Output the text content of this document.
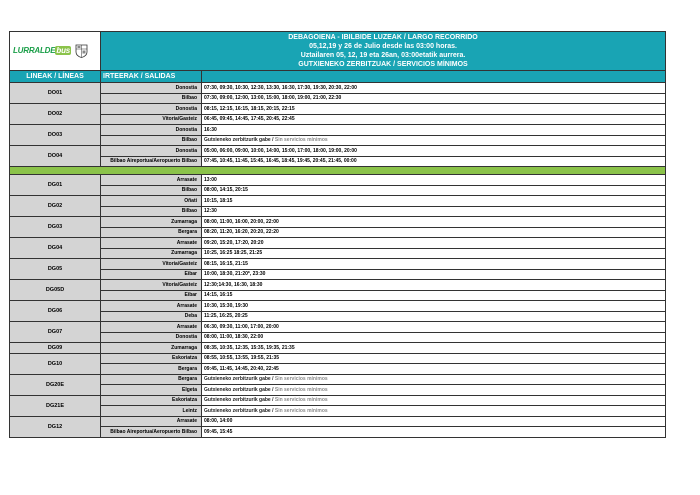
LURRALDEbus	DEBAGOIENA - IBILBIDE LUZEAK / LARGO RECORRIDO
05,12,19 y 26 de Julio desde las 03:00 horas.
Uztailaren 05, 12, 19 eta 26an, 03:00etatik aurrera.
GUTXIENEKO ZERBITZUAK / SERVICIOS MÍNIMOS	

LINEAK / LÍNEAS	IRTEERAK / SALIDAS	
DO01	Donostia	07:30, 09:30, 10:30, 12:30, 13:30, 16:30, 17:30, 19:30, 20:30, 22:00
	Bilbao	07:30, 09:00, 12:00, 13:00, 15:00, 18:00, 19:00, 21:00, 22:30
DO02	Donostia	08:15, 12:15, 16:15, 18:15, 20:15, 22:15
	Vitoria/Gasteiz	06:45, 09:45, 14:45, 17:45, 20:45, 22:45
DO03	Donostia	16:30
	Bilbao	Gutxieneko zerbitzurik gabe / Sin servicios mínimos
DO04	Donostia	05:00, 06:00, 09:00, 10:00, 14:00, 15:00, 17:00, 18:00, 19:00, 20:00
	Bilbao Aireportua/Aeropuerto Bilbao	07:45, 10:45, 11:45, 15:45, 16:45, 18:45, 19:45, 20:45, 21:45, 00:00

DG01	Arrasate	13:00
	Bilbao	08:00, 14:15, 20:15
DG02	Oñati	10:15, 18:15
	Bilbao	12:30
DG03	Zumarraga	08:00, 11:00, 16:00, 20:00, 22:00
	Bergara	08:20, 11:20, 16:20, 20:20, 22:20
DG04	Arrasate	09:20, 15:20, 17:20, 20:20
	Zumarraga	10:25, 16:25 18:25, 21:25
DG05	Vitoria/Gasteiz	08:15, 16:15, 21:15
	Eibar	10:00, 18:30, 21:20*, 23:30
DG05D	Vitoria/Gasteiz	12:30;14:30, 16:30, 18:30
	Eibar	14:15, 16:15
DG06	Arrasate	10:30, 15:30, 19:30
	Deba	11:25, 16:25, 20:25
DG07	Arrasate	06:30, 09:30, 11:00, 17:00, 20:00
	Donostia	08:00, 11:00, 18:30, 22:00
DG09	Zumarraga	08:35, 10:35, 12:35, 15:35, 19:35, 21:35
DG10	Eskoriatza	08:55, 10:55, 13:55, 19:55, 21:35
	Bergara	09:45, 11:45, 14:45, 20:40, 22:45
DG20E	Bergara	Gutxieneko zerbitzurik gabe / Sin servicios mínimos
	Elgeta	Gutxieneko zerbitzurik gabe / Sin servicios mínimos
DG21E	Eskoriatza	Gutxieneko zerbitzurik gabe / Sin servicios mínimos
	Leintz	Gutxieneko zerbitzurik gabe / Sin servicios mínimos
DG12	Arrasate	08:00, 14:00
	Bilbao Aireportua/Aeropuerto Bilbao	09:45, 15:45
